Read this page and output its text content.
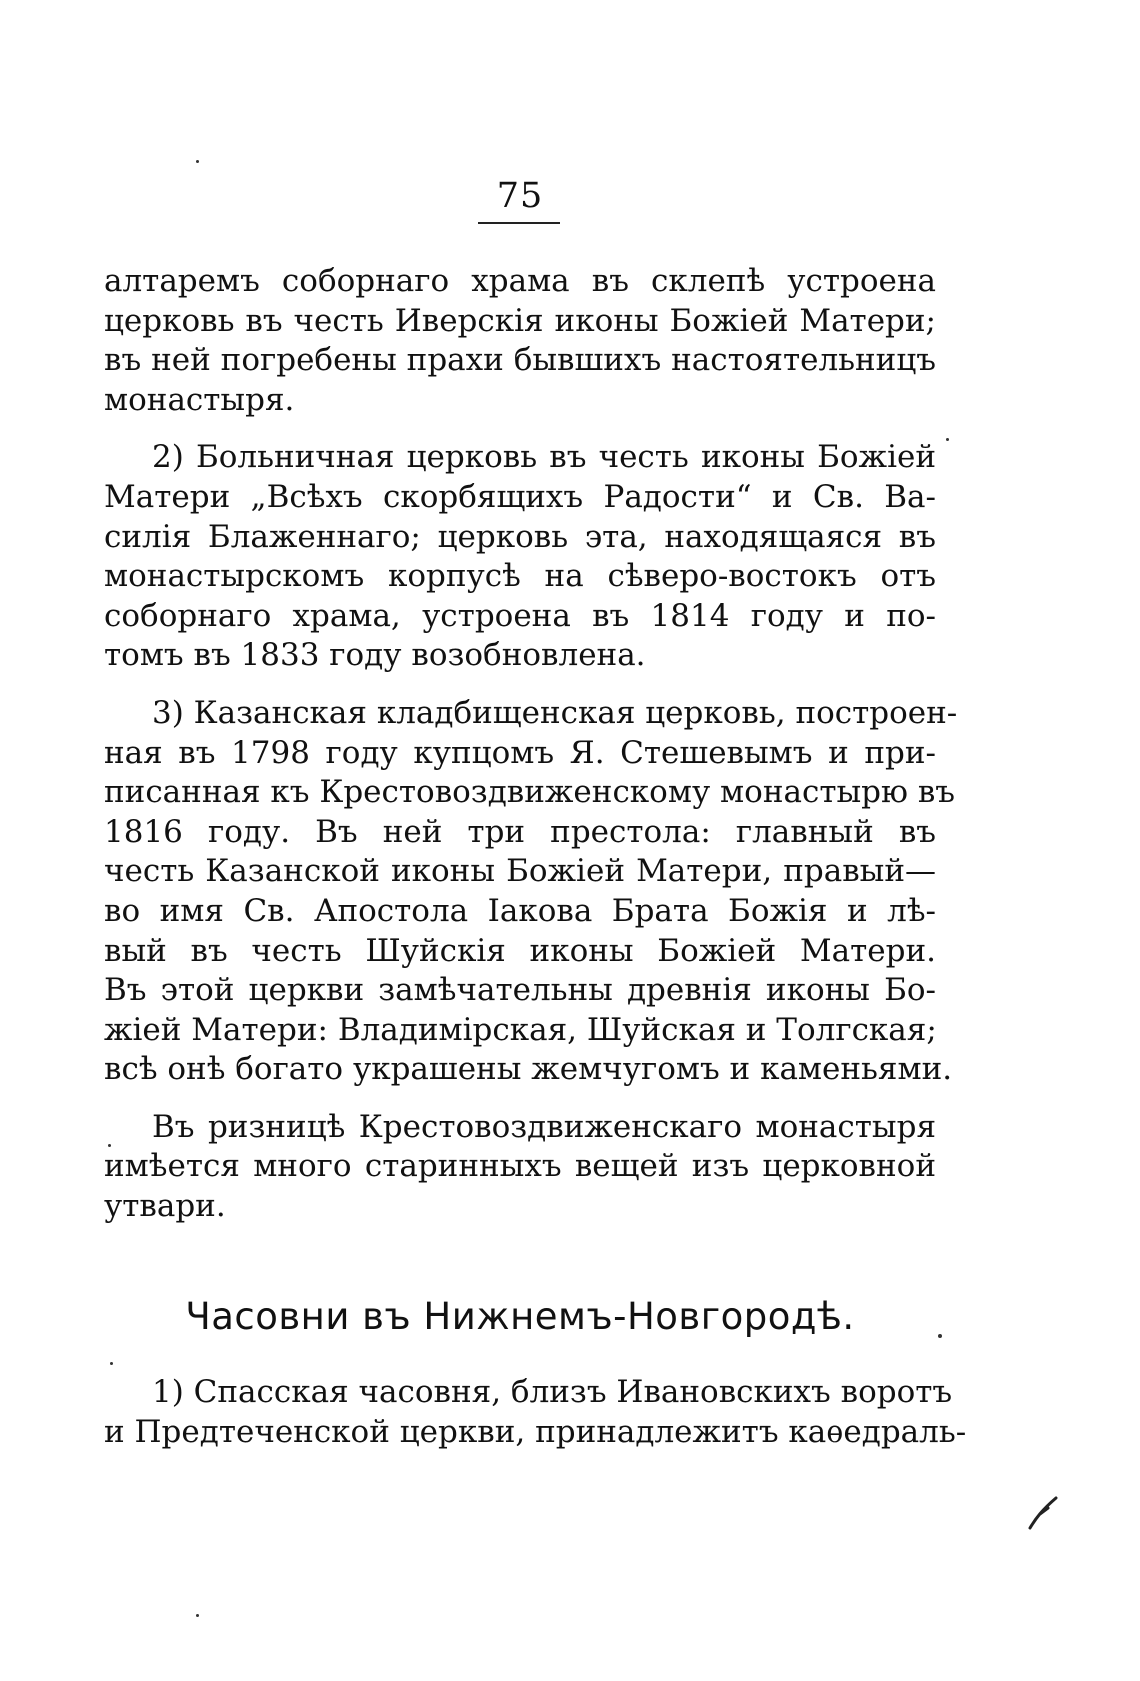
75
алтаремъ соборнаго храма въ склепѣ устроена
церковь въ честь Иверскія иконы Божіей Матери;
въ ней погребены прахи бывшихъ настоятельницъ
монастыря.
2) Больничная церковь въ честь иконы Божіей
Матери „Всѣхъ скорбящихъ Радости“ и Св. Ва-
силія Блаженнаго; церковь эта, находящаяся въ
монастырскомъ корпусѣ на сѣверо-востокъ отъ
соборнаго храма, устроена въ 1814 году и по-
томъ въ 1833 году возобновлена.
3) Казанская кладбищенская церковь, построен-
ная въ 1798 году купцомъ Я. Стешевымъ и при-
писанная къ Крестовоздвиженскому монастырю въ
1816 году. Въ ней три престола: главный въ
честь Казанской иконы Божіей Матери, правый—
во имя Св. Апостола Іакова Брата Божія и лѣ-
вый въ честь Шуйскія иконы Божіей Матери.
Въ этой церкви замѣчательны древнія иконы Бо-
жіей Матери: Владимірская, Шуйская и Толгская;
всѣ онѣ богато украшены жемчугомъ и каменьями.
Въ ризницѣ Крестовоздвиженскаго монастыря
имѣется много старинныхъ вещей изъ церковной
утвари.
Часовни въ Нижнемъ-Новгородѣ.
1) Спасская часовня, близъ Ивановскихъ воротъ
и Предтеченской церкви, принадлежитъ каѳедраль-
